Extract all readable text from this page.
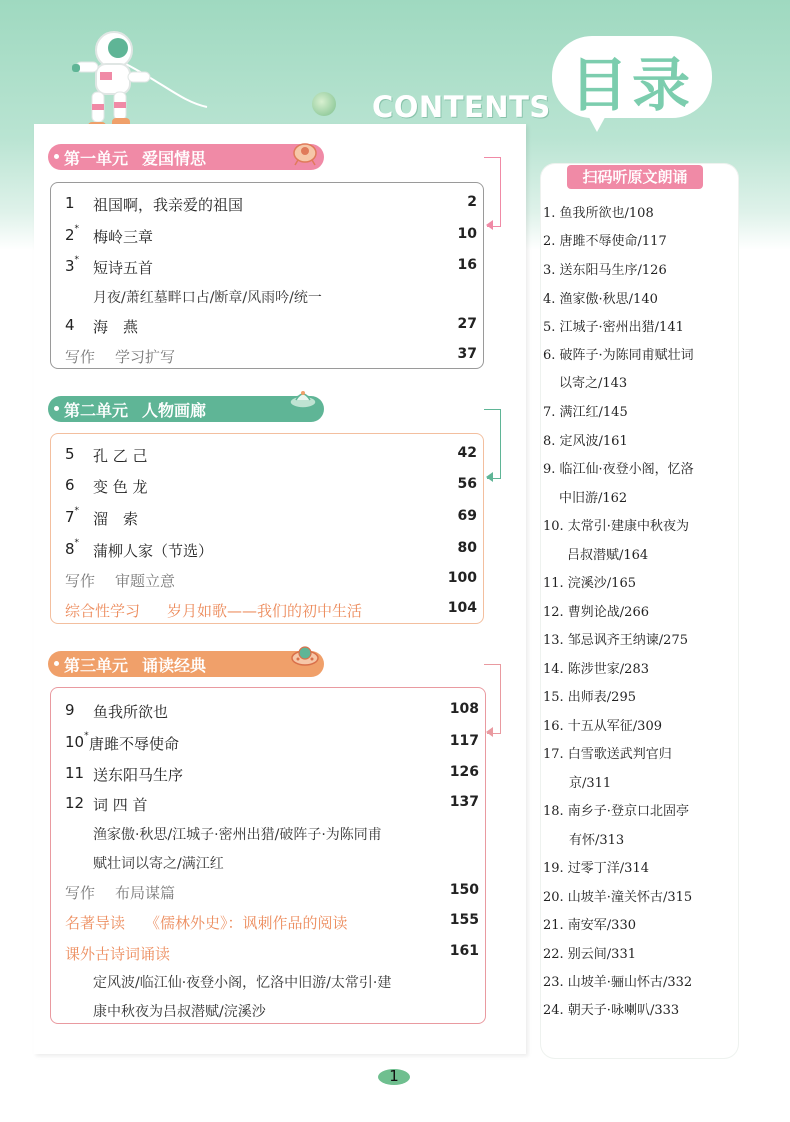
CONTENTS 目录
第一单元 爱国情思
1 祖国啊，我亲爱的祖国	2
2* 梅岭三章	10
3* 短诗五首	16
月夜/萧红墓畔口占/断章/风雨吟/统一
4 海　燕	27
写作 学习扩写	37
第二单元 人物画廊
5 孔 乙 己	42
6 变 色 龙	56
7* 溜　索	69
8* 蒲柳人家（节选）	80
写作 审题立意	100
综合性学习 岁月如歌——我们的初中生活	104
第三单元 诵读经典
9 鱼我所欲也	108
10* 唐雎不辱使命	117
11 送东阳马生序	126
12 词 四 首	137
渔家傲·秋思/江城子·密州出猎/破阵子·为陈同甫
赋壮词以寄之/满江红
写作 布局谋篇	150
名著导读 《儒林外史》：讽刺作品的阅读	155
课外古诗词诵读	161
定风波/临江仙·夜登小阁，忆洛中旧游/太常引·建
康中秋夜为吕叔潜赋/浣溪沙
扫码听原文朗诵
1. 鱼我所欲也/108
2. 唐雎不辱使命/117
3. 送东阳马生序/126
4. 渔家傲·秋思/140
5. 江城子·密州出猎/141
6. 破阵子·为陈同甫赋壮词
以寄之/143
7. 满江红/145
8. 定风波/161
9. 临江仙·夜登小阁，忆洛
中旧游/162
10. 太常引·建康中秋夜为
吕叔潜赋/164
11. 浣溪沙/165
12. 曹刿论战/266
13. 邹忌讽齐王纳谏/275
14. 陈涉世家/283
15. 出师表/295
16. 十五从军征/309
17. 白雪歌送武判官归
京/311
18. 南乡子·登京口北固亭
有怀/313
19. 过零丁洋/314
20. 山坡羊·潼关怀古/315
21. 南安军/330
22. 别云间/331
23. 山坡羊·骊山怀古/332
24. 朝天子·咏喇叭/333
1
